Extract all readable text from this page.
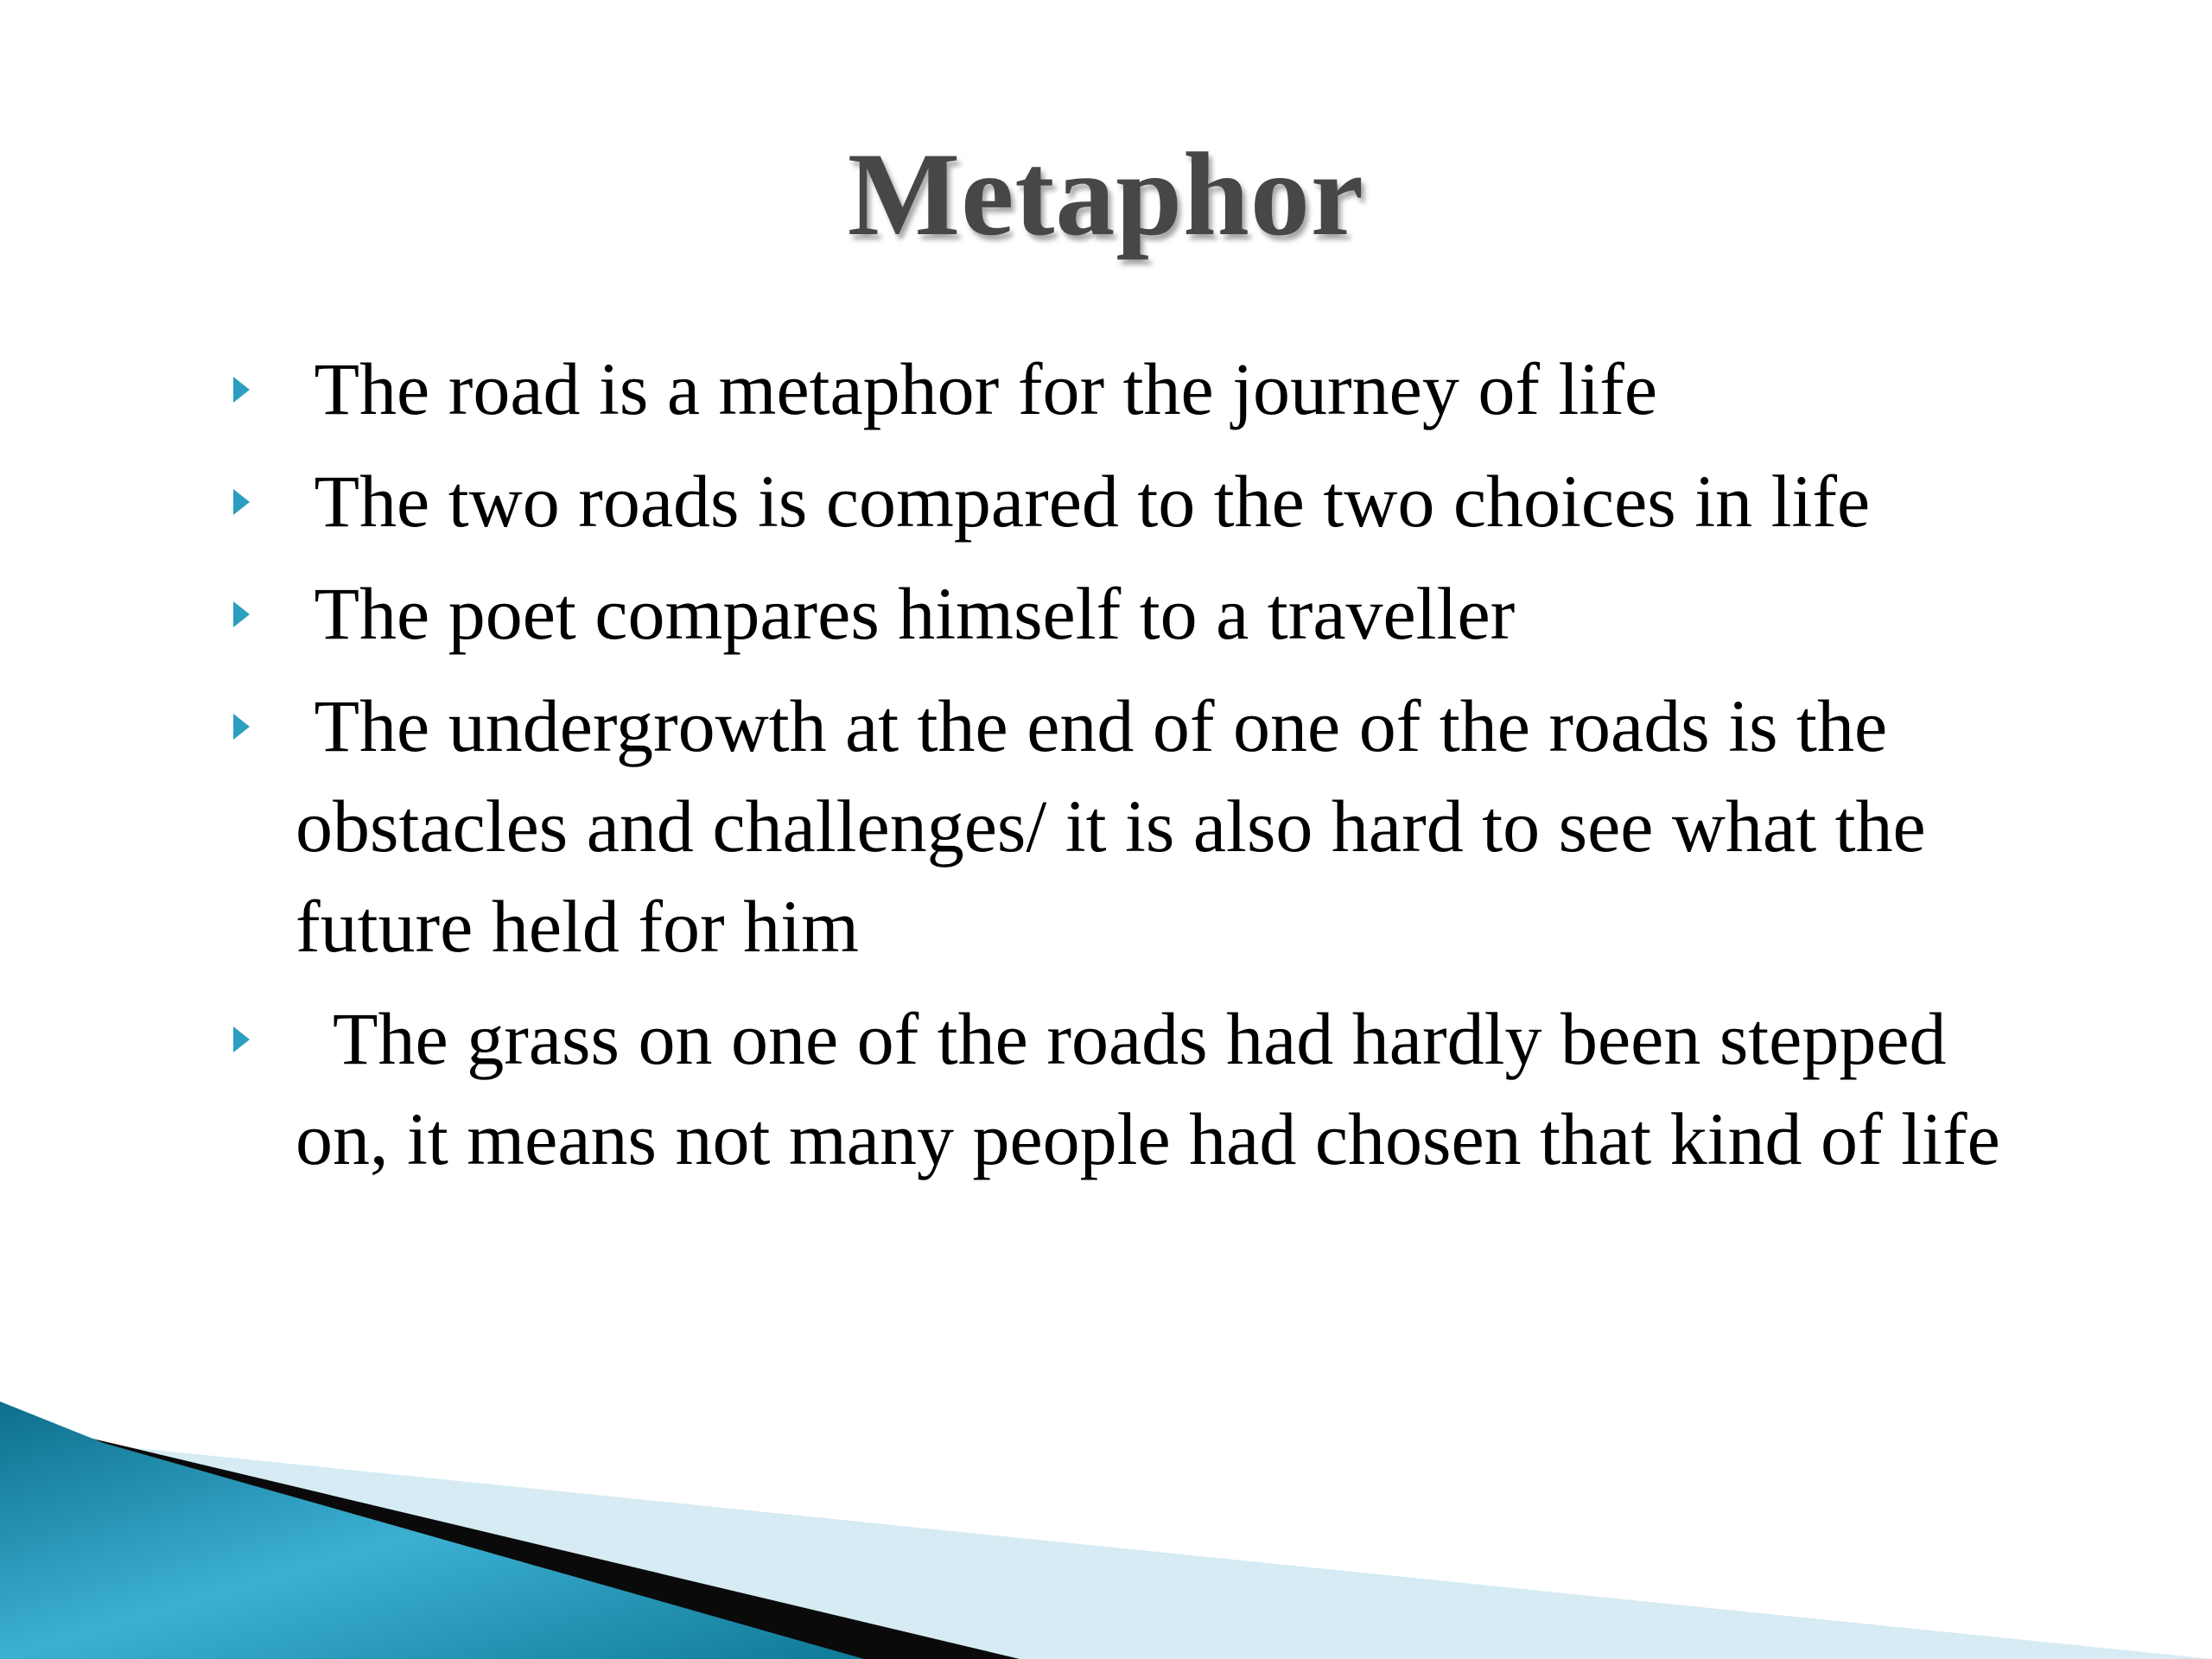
Metaphor
The road is a metaphor for the journey of life
The two roads is compared to the two choices in life
The poet compares himself to a traveller
The undergrowth at the end of one of the roads is the obstacles and challenges/ it is also hard to see what the future held for him
The grass on one of the roads had hardly been stepped on, it means not many people had chosen that kind of life
